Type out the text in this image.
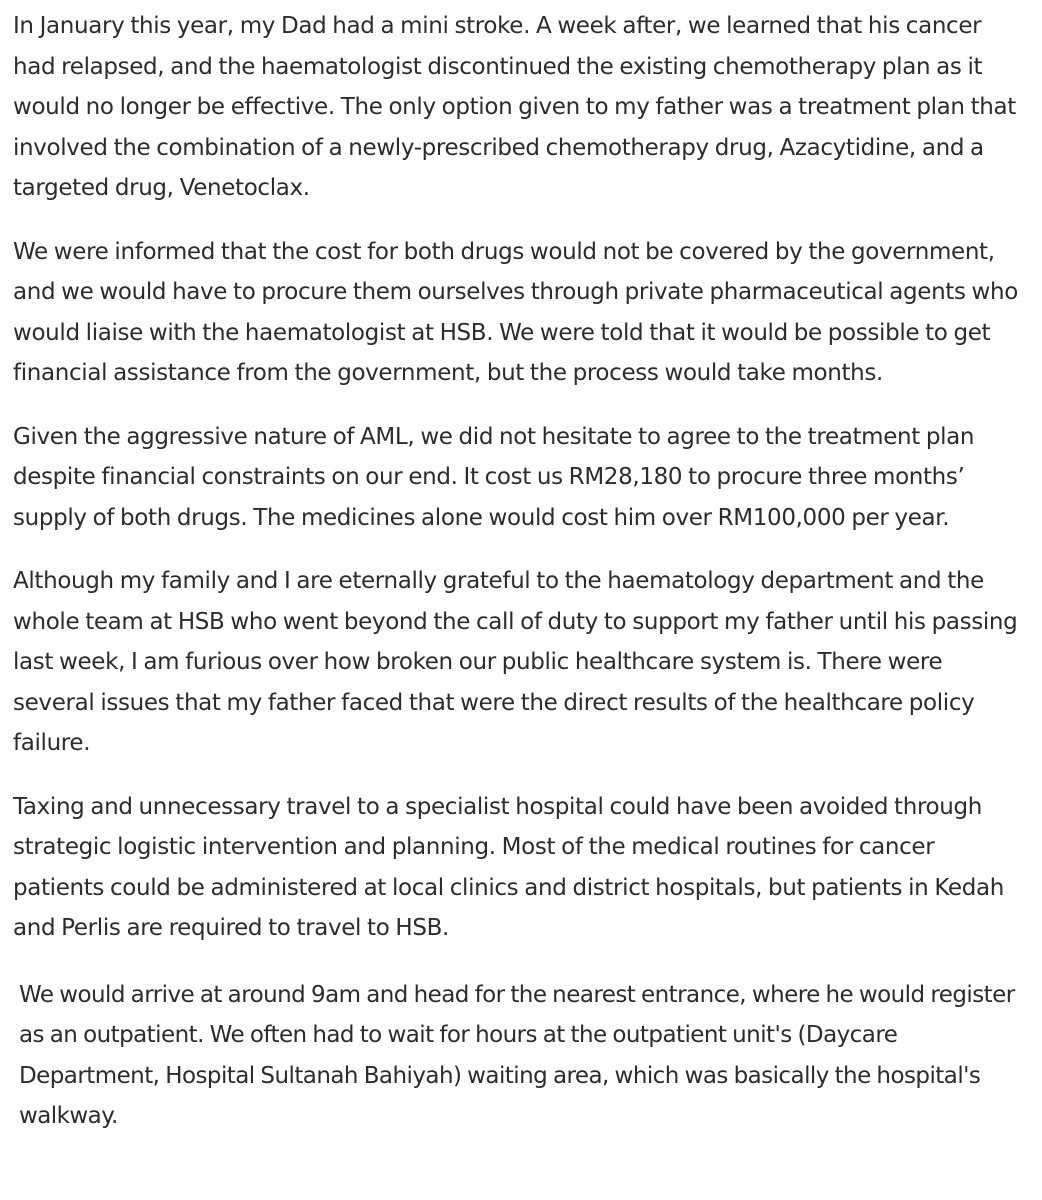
In January this year, my Dad had a mini stroke. A week after, we learned that his cancer had relapsed, and the haematologist discontinued the existing chemotherapy plan as it would no longer be effective. The only option given to my father was a treatment plan that involved the combination of a newly-prescribed chemotherapy drug, Azacytidine, and a targeted drug, Venetoclax.

We were informed that the cost for both drugs would not be covered by the government, and we would have to procure them ourselves through private pharmaceutical agents who would liaise with the haematologist at HSB. We were told that it would be possible to get financial assistance from the government, but the process would take months.

Given the aggressive nature of AML, we did not hesitate to agree to the treatment plan despite financial constraints on our end. It cost us RM28,180 to procure three months’ supply of both drugs. The medicines alone would cost him over RM100,000 per year.

Although my family and I are eternally grateful to the haematology department and the whole team at HSB who went beyond the call of duty to support my father until his passing last week, I am furious over how broken our public healthcare system is. There were several issues that my father faced that were the direct results of the healthcare policy failure.

Taxing and unnecessary travel to a specialist hospital could have been avoided through strategic logistic intervention and planning. Most of the medical routines for cancer patients could be administered at local clinics and district hospitals, but patients in Kedah and Perlis are required to travel to HSB.

We would arrive at around 9am and head for the nearest entrance, where he would register as an outpatient. We often had to wait for hours at the outpatient unit's (Daycare Department, Hospital Sultanah Bahiyah) waiting area, which was basically the hospital's walkway.
